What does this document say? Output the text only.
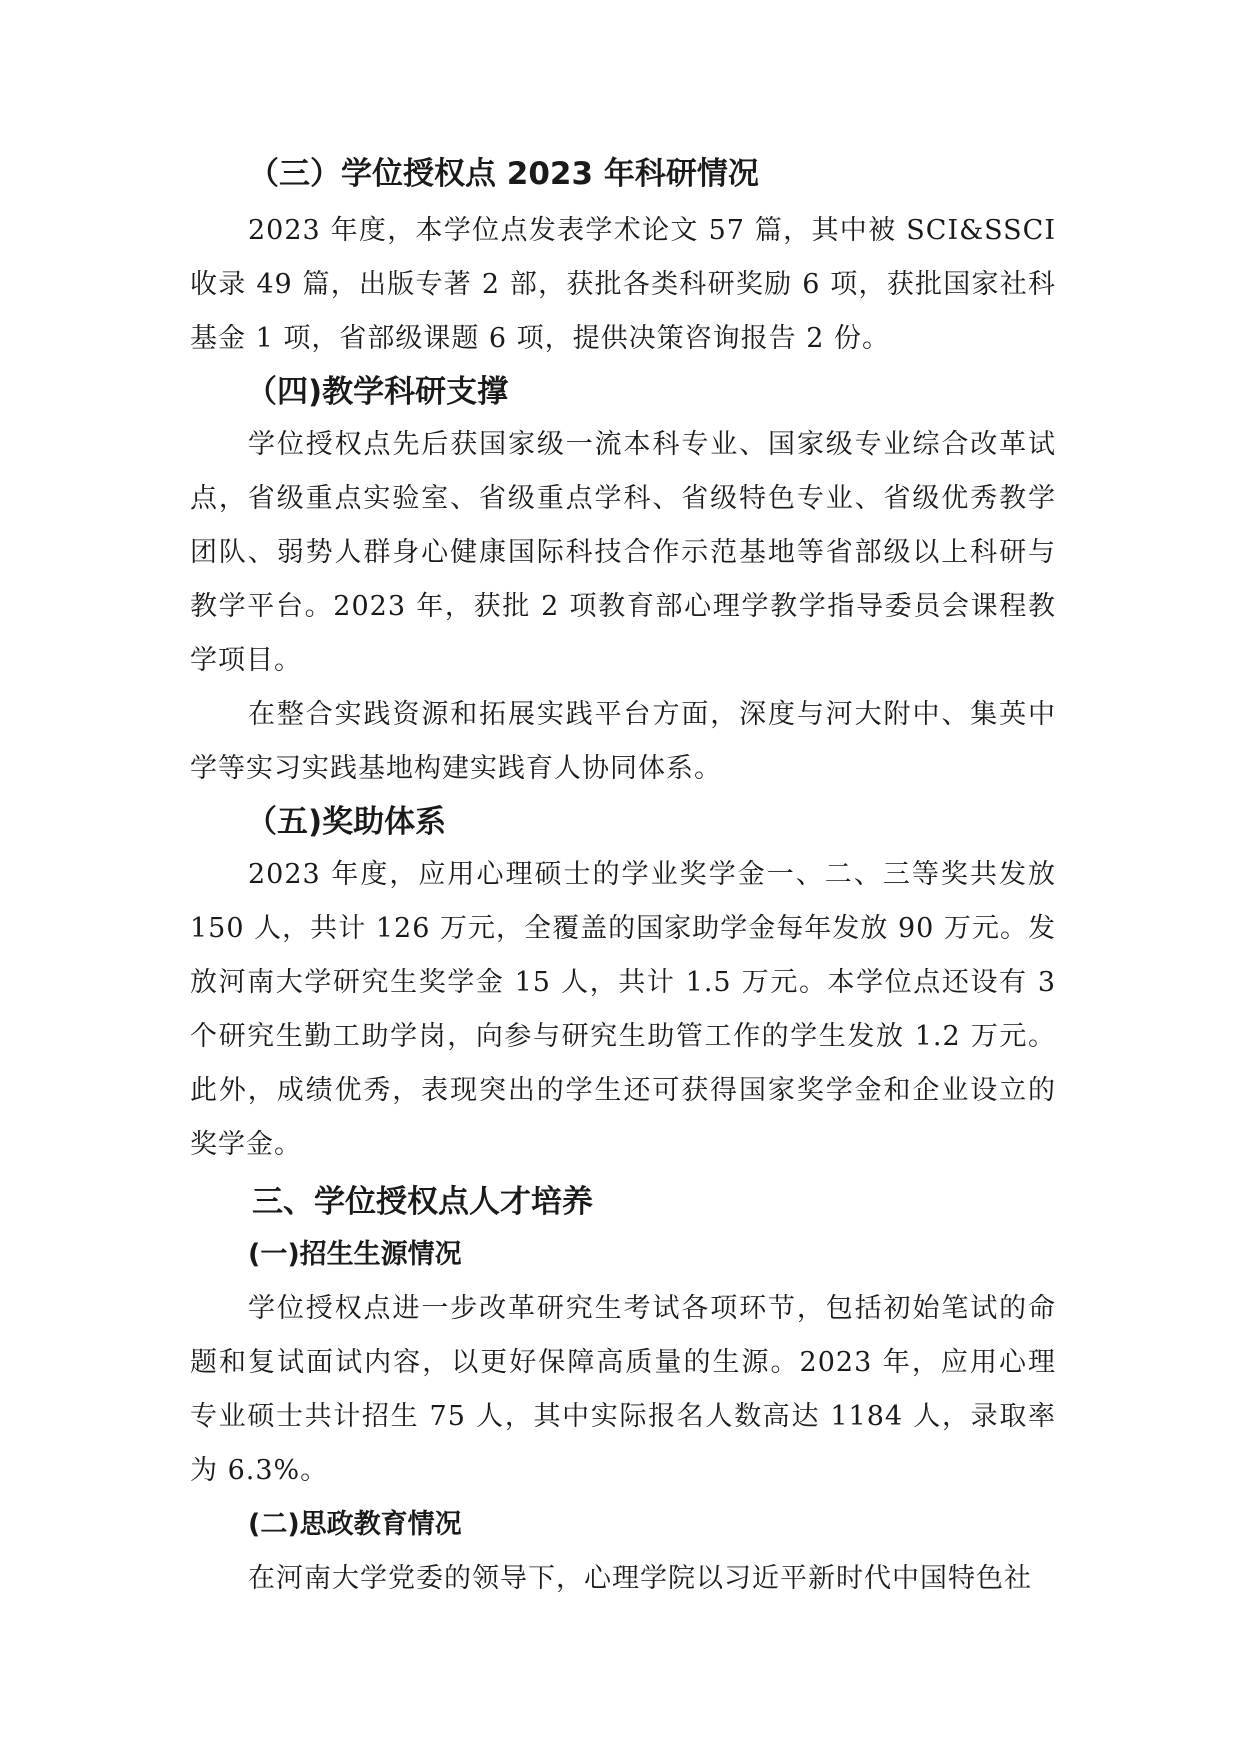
（三）学位授权点 2023 年科研情况

2023 年度，本学位点发表学术论文 57 篇，其中被 SCI&SSCI 收录 49 篇，出版专著 2 部，获批各类科研奖励 6 项，获批国家社科基金 1 项，省部级课题 6 项，提供决策咨询报告 2 份。

（四)教学科研支撑

学位授权点先后获国家级一流本科专业、国家级专业综合改革试点，省级重点实验室、省级重点学科、省级特色专业、省级优秀教学团队、弱势人群身心健康国际科技合作示范基地等省部级以上科研与教学平台。2023 年，获批 2 项教育部心理学教学指导委员会课程教学项目。

在整合实践资源和拓展实践平台方面，深度与河大附中、集英中学等实习实践基地构建实践育人协同体系。

（五)奖助体系

2023 年度，应用心理硕士的学业奖学金一、二、三等奖共发放 150 人，共计 126 万元，全覆盖的国家助学金每年发放 90 万元。发放河南大学研究生奖学金 15 人，共计 1.5 万元。本学位点还设有 3 个研究生勤工助学岗，向参与研究生助管工作的学生发放 1.2 万元。此外，成绩优秀，表现突出的学生还可获得国家奖学金和企业设立的奖学金。

三、学位授权点人才培养
(一)招生生源情况

学位授权点进一步改革研究生考试各项环节，包括初始笔试的命题和复试面试内容，以更好保障高质量的生源。2023 年，应用心理专业硕士共计招生 75 人，其中实际报名人数高达 1184 人，录取率为 6.3%。

(二)思政教育情况

在河南大学党委的领导下，心理学院以习近平新时代中国特色社
